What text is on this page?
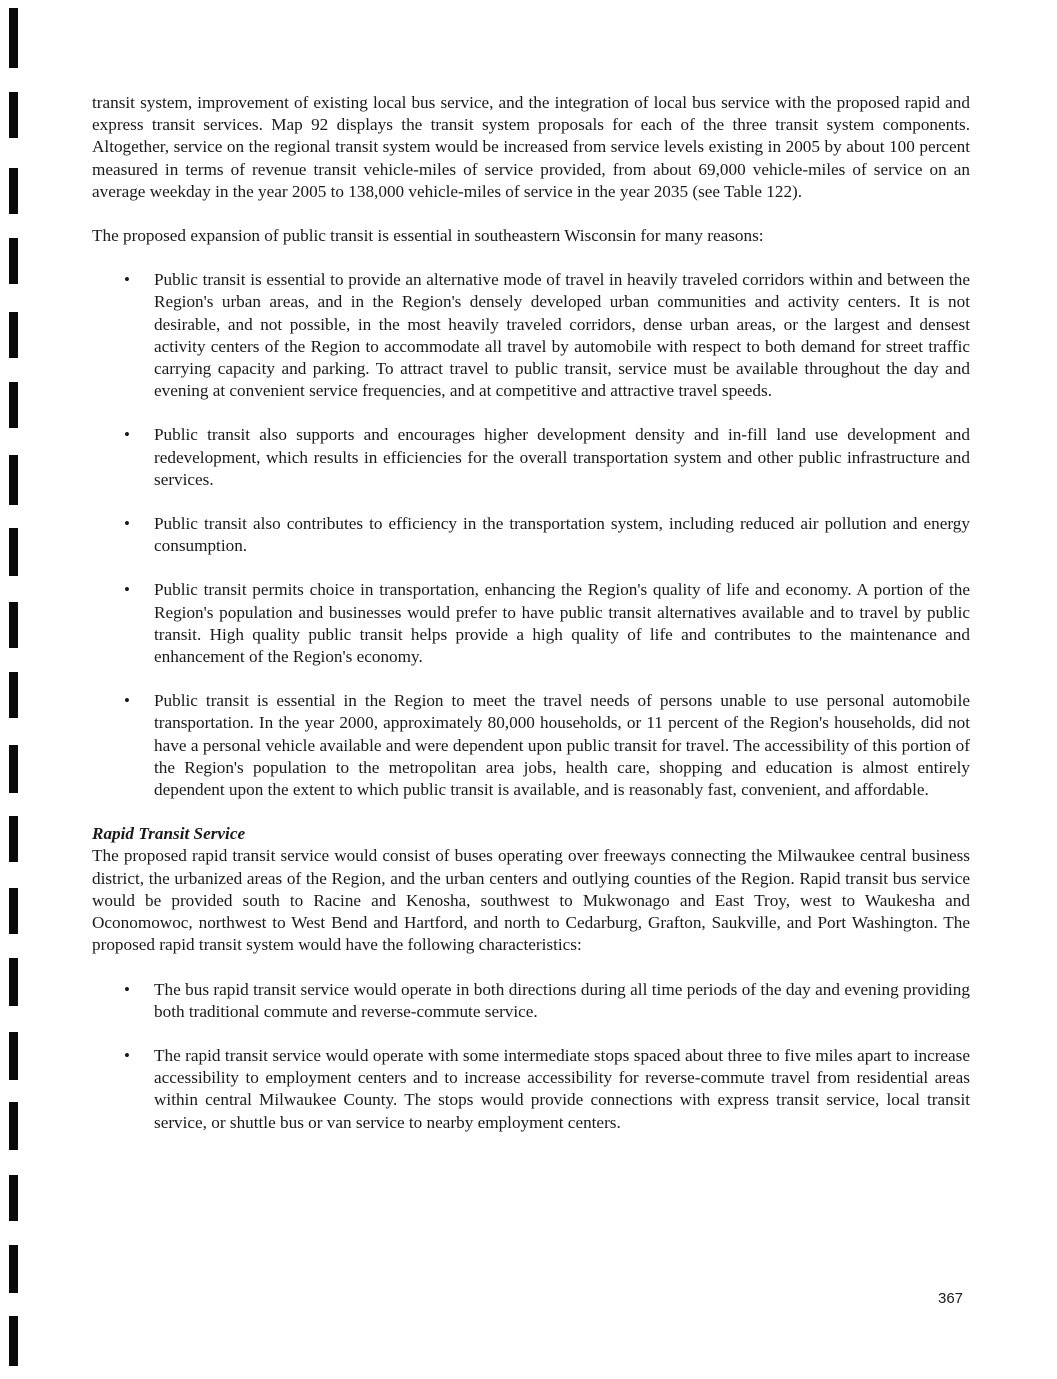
transit system, improvement of existing local bus service, and the integration of local bus service with the proposed rapid and express transit services. Map 92 displays the transit system proposals for each of the three transit system components. Altogether, service on the regional transit system would be increased from service levels existing in 2005 by about 100 percent measured in terms of revenue transit vehicle-miles of service provided, from about 69,000 vehicle-miles of service on an average weekday in the year 2005 to 138,000 vehicle-miles of service in the year 2035 (see Table 122).

The proposed expansion of public transit is essential in southeastern Wisconsin for many reasons:

• Public transit is essential to provide an alternative mode of travel in heavily traveled corridors within and between the Region's urban areas, and in the Region's densely developed urban communities and activity centers. It is not desirable, and not possible, in the most heavily traveled corridors, dense urban areas, or the largest and densest activity centers of the Region to accommodate all travel by automobile with respect to both demand for street traffic carrying capacity and parking. To attract travel to public transit, service must be available throughout the day and evening at convenient service frequencies, and at competitive and attractive travel speeds.
• Public transit also supports and encourages higher development density and in-fill land use development and redevelopment, which results in efficiencies for the overall transportation system and other public infrastructure and services.
• Public transit also contributes to efficiency in the transportation system, including reduced air pollution and energy consumption.
• Public transit permits choice in transportation, enhancing the Region's quality of life and economy. A portion of the Region's population and businesses would prefer to have public transit alternatives available and to travel by public transit. High quality public transit helps provide a high quality of life and contributes to the maintenance and enhancement of the Region's economy.
• Public transit is essential in the Region to meet the travel needs of persons unable to use personal automobile transportation. In the year 2000, approximately 80,000 households, or 11 percent of the Region's households, did not have a personal vehicle available and were dependent upon public transit for travel. The accessibility of this portion of the Region's population to the metropolitan area jobs, health care, shopping and education is almost entirely dependent upon the extent to which public transit is available, and is reasonably fast, convenient, and affordable.
Rapid Transit Service

The proposed rapid transit service would consist of buses operating over freeways connecting the Milwaukee central business district, the urbanized areas of the Region, and the urban centers and outlying counties of the Region. Rapid transit bus service would be provided south to Racine and Kenosha, southwest to Mukwonago and East Troy, west to Waukesha and Oconomowoc, northwest to West Bend and Hartford, and north to Cedarburg, Grafton, Saukville, and Port Washington. The proposed rapid transit system would have the following characteristics:

• The bus rapid transit service would operate in both directions during all time periods of the day and evening providing both traditional commute and reverse-commute service.
• The rapid transit service would operate with some intermediate stops spaced about three to five miles apart to increase accessibility to employment centers and to increase accessibility for reverse-commute travel from residential areas within central Milwaukee County. The stops would provide connections with express transit service, local transit service, or shuttle bus or van service to nearby employment centers.
367
